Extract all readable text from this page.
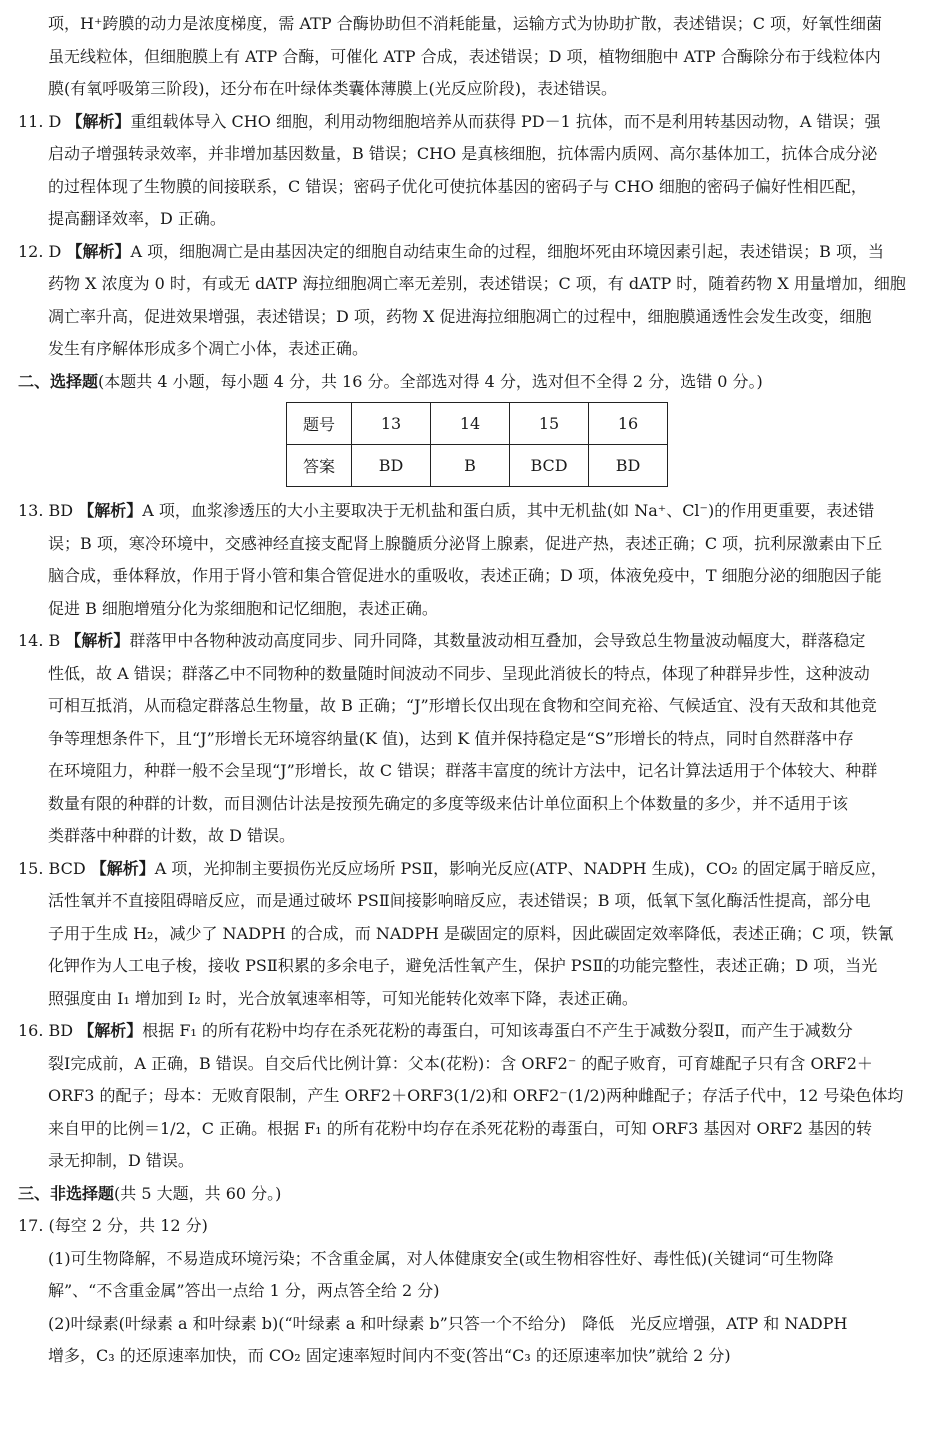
项，H⁺跨膜的动力是浓度梯度，需 ATP 合酶协助但不消耗能量，运输方式为协助扩散，表述错误；C 项，好氧性细菌

虽无线粒体，但细胞膜上有 ATP 合酶，可催化 ATP 合成，表述错误；D 项，植物细胞中 ATP 合酶除分布于线粒体内

膜(有氧呼吸第三阶段)，还分布在叶绿体类囊体薄膜上(光反应阶段)，表述错误。

11. D 【解析】重组载体导入 CHO 细胞，利用动物细胞培养从而获得 PD－1 抗体，而不是利用转基因动物，A 错误；强

启动子增强转录效率，并非增加基因数量，B 错误；CHO 是真核细胞，抗体需内质网、高尔基体加工，抗体合成分泌

的过程体现了生物膜的间接联系，C 错误；密码子优化可使抗体基因的密码子与 CHO 细胞的密码子偏好性相匹配，

提高翻译效率，D 正确。

12. D 【解析】A 项，细胞凋亡是由基因决定的细胞自动结束生命的过程，细胞坏死由环境因素引起，表述错误；B 项，当

药物 X 浓度为 0 时，有或无 dATP 海拉细胞凋亡率无差别，表述错误；C 项，有 dATP 时，随着药物 X 用量增加，细胞

凋亡率升高，促进效果增强，表述错误；D 项，药物 X 促进海拉细胞凋亡的过程中，细胞膜通透性会发生改变，细胞

发生有序解体形成多个凋亡小体，表述正确。

二、选择题(本题共 4 小题，每小题 4 分，共 16 分。全部选对得 4 分，选对但不全得 2 分，选错 0 分。)

题号	13	14	15	16
答案	BD	B	BCD	BD

13. BD 【解析】A 项，血浆渗透压的大小主要取决于无机盐和蛋白质，其中无机盐(如 Na⁺、Cl⁻)的作用更重要，表述错

误；B 项，寒冷环境中，交感神经直接支配肾上腺髓质分泌肾上腺素，促进产热，表述正确；C 项，抗利尿激素由下丘

脑合成，垂体释放，作用于肾小管和集合管促进水的重吸收，表述正确；D 项，体液免疫中，T 细胞分泌的细胞因子能

促进 B 细胞增殖分化为浆细胞和记忆细胞，表述正确。

14. B 【解析】群落甲中各物种波动高度同步、同升同降，其数量波动相互叠加，会导致总生物量波动幅度大，群落稳定

性低，故 A 错误；群落乙中不同物种的数量随时间波动不同步、呈现此消彼长的特点，体现了种群异步性，这种波动

可相互抵消，从而稳定群落总生物量，故 B 正确；“J”形增长仅出现在食物和空间充裕、气候适宜、没有天敌和其他竞

争等理想条件下，且“J”形增长无环境容纳量(K 值)，达到 K 值并保持稳定是“S”形增长的特点，同时自然群落中存

在环境阻力，种群一般不会呈现“J”形增长，故 C 错误；群落丰富度的统计方法中，记名计算法适用于个体较大、种群

数量有限的种群的计数，而目测估计法是按预先确定的多度等级来估计单位面积上个体数量的多少，并不适用于该

类群落中种群的计数，故 D 错误。

15. BCD 【解析】A 项，光抑制主要损伤光反应场所 PSⅡ，影响光反应(ATP、NADPH 生成)，CO₂ 的固定属于暗反应，

活性氧并不直接阻碍暗反应，而是通过破坏 PSⅡ间接影响暗反应，表述错误；B 项，低氧下氢化酶活性提高，部分电

子用于生成 H₂，减少了 NADPH 的合成，而 NADPH 是碳固定的原料，因此碳固定效率降低，表述正确；C 项，铁氰

化钾作为人工电子梭，接收 PSⅡ积累的多余电子，避免活性氧产生，保护 PSⅡ的功能完整性，表述正确；D 项，当光

照强度由 I₁ 增加到 I₂ 时，光合放氧速率相等，可知光能转化效率下降，表述正确。

16. BD 【解析】根据 F₁ 的所有花粉中均存在杀死花粉的毒蛋白，可知该毒蛋白不产生于减数分裂Ⅱ，而产生于减数分

裂Ⅰ完成前，A 正确，B 错误。自交后代比例计算：父本(花粉)：含 ORF2⁻ 的配子败育，可育雄配子只有含 ORF2＋

ORF3 的配子；母本：无败育限制，产生 ORF2＋ORF3(1/2)和 ORF2⁻(1/2)两种雌配子；存活子代中，12 号染色体均

来自甲的比例＝1/2，C 正确。根据 F₁ 的所有花粉中均存在杀死花粉的毒蛋白，可知 ORF3 基因对 ORF2 基因的转

录无抑制，D 错误。

三、非选择题(共 5 大题，共 60 分。)

17. (每空 2 分，共 12 分)

(1)可生物降解，不易造成环境污染；不含重金属，对人体健康安全(或生物相容性好、毒性低)(关键词“可生物降

解”、“不含重金属”答出一点给 1 分，两点答全给 2 分)

(2)叶绿素(叶绿素 a 和叶绿素 b)(“叶绿素 a 和叶绿素 b”只答一个不给分)　降低　光反应增强，ATP 和 NADPH

增多，C₃ 的还原速率加快，而 CO₂ 固定速率短时间内不变(答出“C₃ 的还原速率加快”就给 2 分)
